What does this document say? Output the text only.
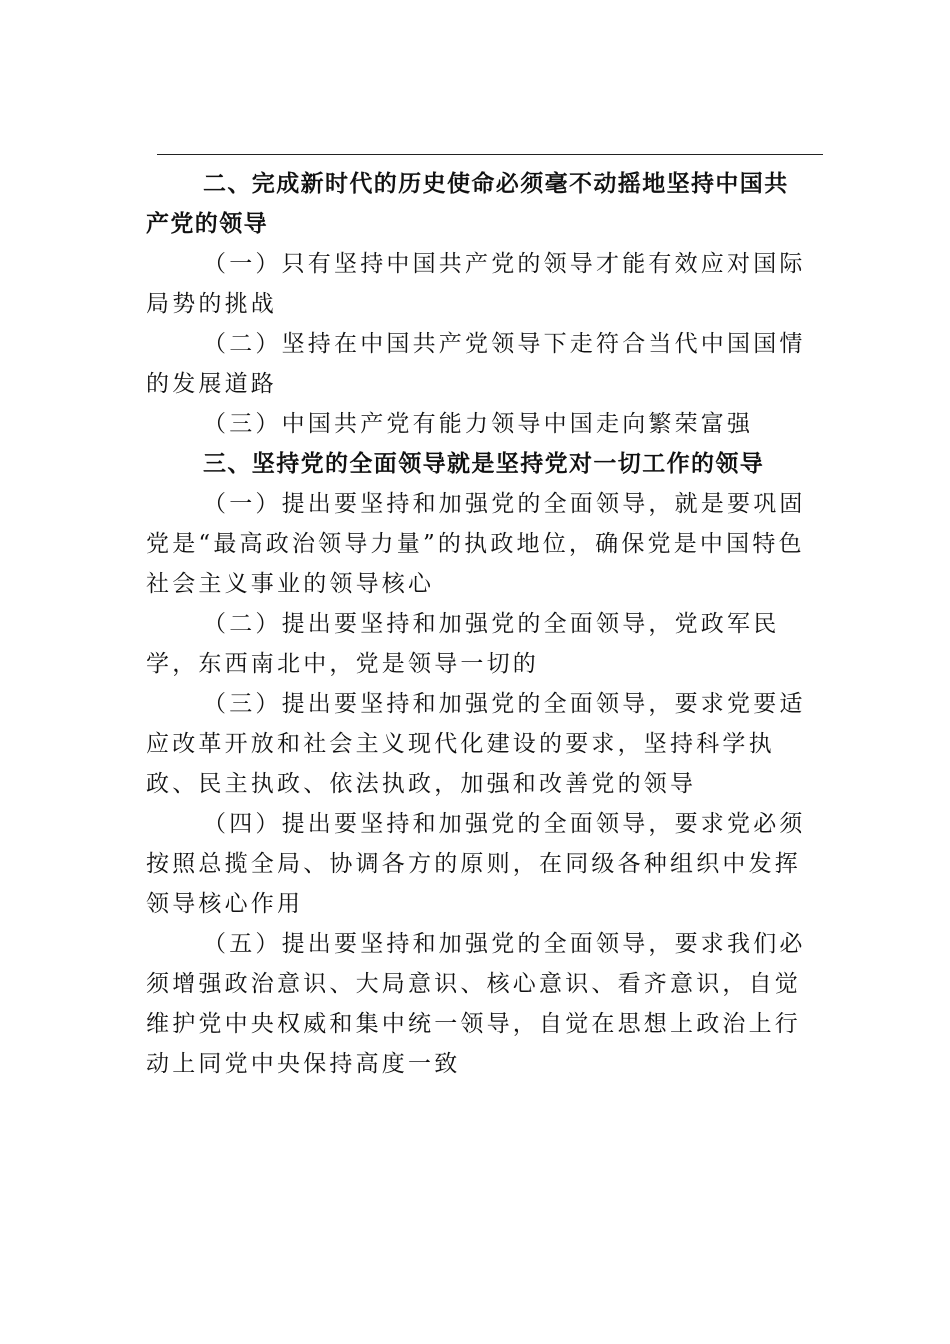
二、完成新时代的历史使命必须毫不动摇地坚持中国共产党的领导

（一）只有坚持中国共产党的领导才能有效应对国际局势的挑战

（二）坚持在中国共产党领导下走符合当代中国国情的发展道路

（三）中国共产党有能力领导中国走向繁荣富强

三、坚持党的全面领导就是坚持党对一切工作的领导

（一）提出要坚持和加强党的全面领导，就是要巩固党是“最高政治领导力量”的执政地位，确保党是中国特色社会主义事业的领导核心

（二）提出要坚持和加强党的全面领导，党政军民学，东西南北中，党是领导一切的

（三）提出要坚持和加强党的全面领导，要求党要适应改革开放和社会主义现代化建设的要求，坚持科学执政、民主执政、依法执政，加强和改善党的领导

（四）提出要坚持和加强党的全面领导，要求党必须按照总揽全局、协调各方的原则，在同级各种组织中发挥领导核心作用

（五）提出要坚持和加强党的全面领导，要求我们必须增强政治意识、大局意识、核心意识、看齐意识，自觉维护党中央权威和集中统一领导，自觉在思想上政治上行动上同党中央保持高度一致
